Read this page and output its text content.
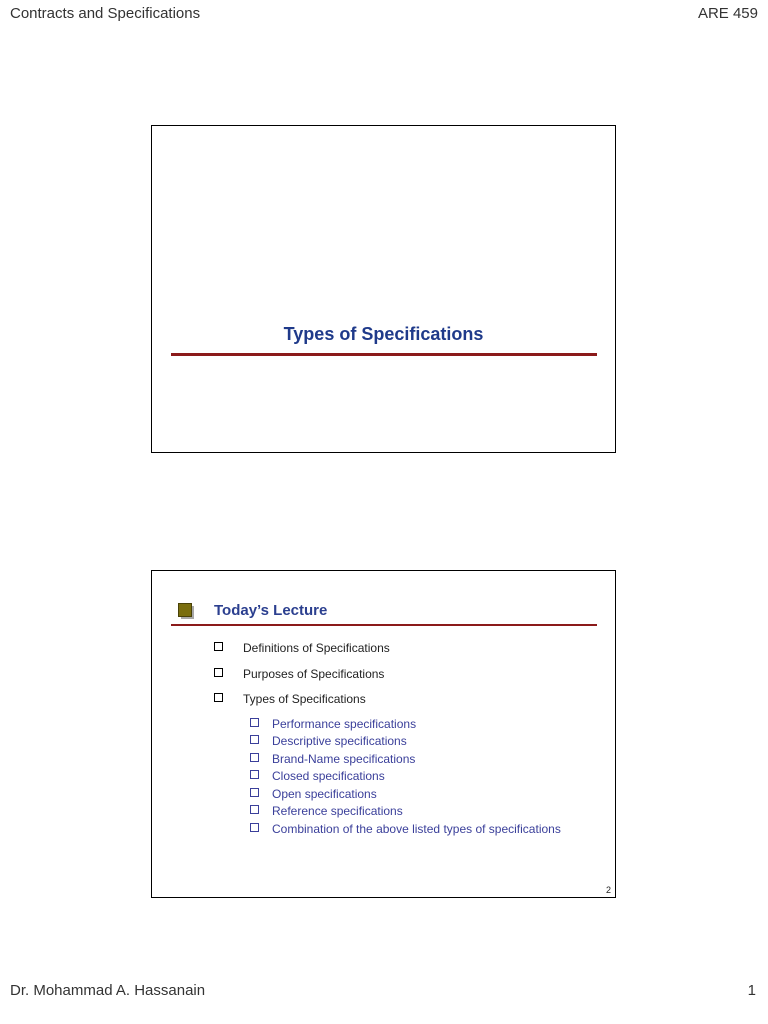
Contracts and Specifications	ARE 459
Types of Specifications
Today’s Lecture
Definitions of Specifications
Purposes of Specifications
Types of Specifications
Performance specifications
Descriptive specifications
Brand-Name specifications
Closed specifications
Open specifications
Reference specifications
Combination of the above listed types of specifications
2
Dr. Mohammad A. Hassanain	1
